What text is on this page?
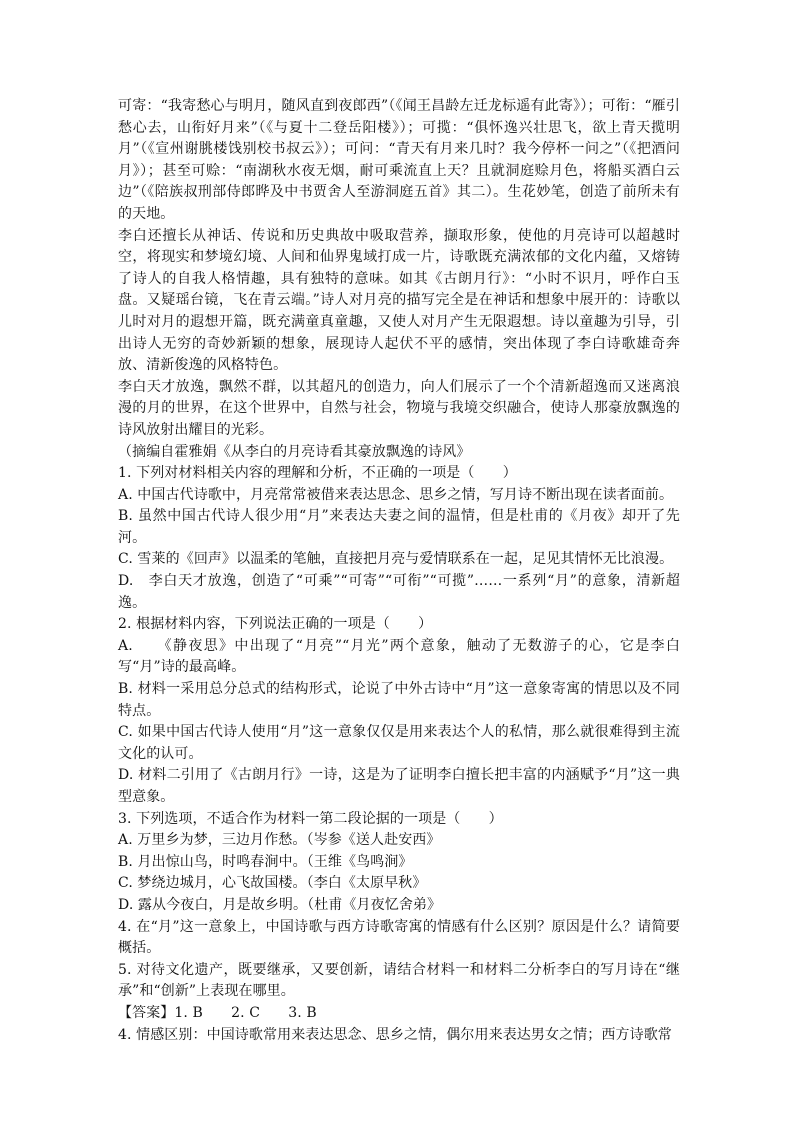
可寄：“我寄愁心与明月，随风直到夜郎西”（《闻王昌龄左迁龙标遥有此寄》）；可衔：“雁引愁心去，山衔好月来”（《与夏十二登岳阳楼》）；可揽：“俱怀逸兴壮思飞，欲上青天揽明月”（《宣州谢朓楼饯别校书叔云》）；可问：“青天有月来几时？我今停杯一问之”（《把酒问月》）；甚至可赊：“南湖秋水夜无烟，耐可乘流直上天？且就洞庭赊月色，将船买酒白云边”（《陪族叔刑部侍郎晔及中书贾舍人至游洞庭五首》其二）。生花妙笔，创造了前所未有的天地。

李白还擅长从神话、传说和历史典故中吸取营养，撷取形象，使他的月亮诗可以超越时空，将现实和梦境幻境、人间和仙界鬼域打成一片，诗歌既充满浓郁的文化内蕴，又熔铸了诗人的自我人格情趣，具有独特的意味。如其《古朗月行》：“小时不识月，呼作白玉盘。又疑瑶台镜，飞在青云端。”诗人对月亮的描写完全是在神话和想象中展开的：诗歌以儿时对月的遐想开篇，既充满童真童趣，又使人对月产生无限遐想。诗以童趣为引导，引出诗人无穷的奇妙新颖的想象，展现诗人起伏不平的感情，突出体现了李白诗歌雄奇奔放、清新俊逸的风格特色。

李白天才放逸，飘然不群，以其超凡的创造力，向人们展示了一个个清新超逸而又迷离浪漫的月的世界，在这个世界中，自然与社会，物境与我境交织融合，使诗人那豪放飘逸的诗风放射出耀目的光彩。

（摘编自霍雅娟《从李白的月亮诗看其豪放飘逸的诗风》

1. 下列对材料相关内容的理解和分析，不正确的一项是（　　）

A. 中国古代诗歌中，月亮常常被借来表达思念、思乡之情，写月诗不断出现在读者面前。

B. 虽然中国古代诗人很少用“月”来表达夫妻之间的温情，但是杜甫的《月夜》却开了先河。

C. 雪莱的《回声》以温柔的笔触，直接把月亮与爱情联系在一起，足见其情怀无比浪漫。

D.　李白天才放逸，创造了“可乘”“可寄”“可衔”“可揽”……一系列“月”的意象，清新超逸。

2. 根据材料内容，下列说法正确的一项是（　　）

A.　　《静夜思》中出现了“月亮”“月光”两个意象，触动了无数游子的心，它是李白写“月”诗的最高峰。

B. 材料一采用总分总式的结构形式，论说了中外古诗中“月”这一意象寄寓的情思以及不同特点。

C. 如果中国古代诗人使用“月”这一意象仅仅是用来表达个人的私情，那么就很难得到主流文化的认可。

D. 材料二引用了《古朗月行》一诗，这是为了证明李白擅长把丰富的内涵赋予“月”这一典型意象。

3. 下列选项，不适合作为材料一第二段论据的一项是（　　）

A. 万里乡为梦，三边月作愁。（岑参《送人赴安西》

B. 月出惊山鸟，时鸣春涧中。（王维《鸟鸣涧》

C. 梦绕边城月，心飞故国楼。（李白《太原早秋》

D. 露从今夜白，月是故乡明。（杜甫《月夜忆舍弟》

4. 在“月”这一意象上，中国诗歌与西方诗歌寄寓的情感有什么区别？原因是什么？请简要概括。

5. 对待文化遗产，既要继承，又要创新，请结合材料一和材料二分析李白的写月诗在“继承”和“创新”上表现在哪里。

【答案】1. B　　2. C　　3. B

4. 情感区别：中国诗歌常用来表达思念、思乡之情，偶尔用来表达男女之情；西方诗歌常
